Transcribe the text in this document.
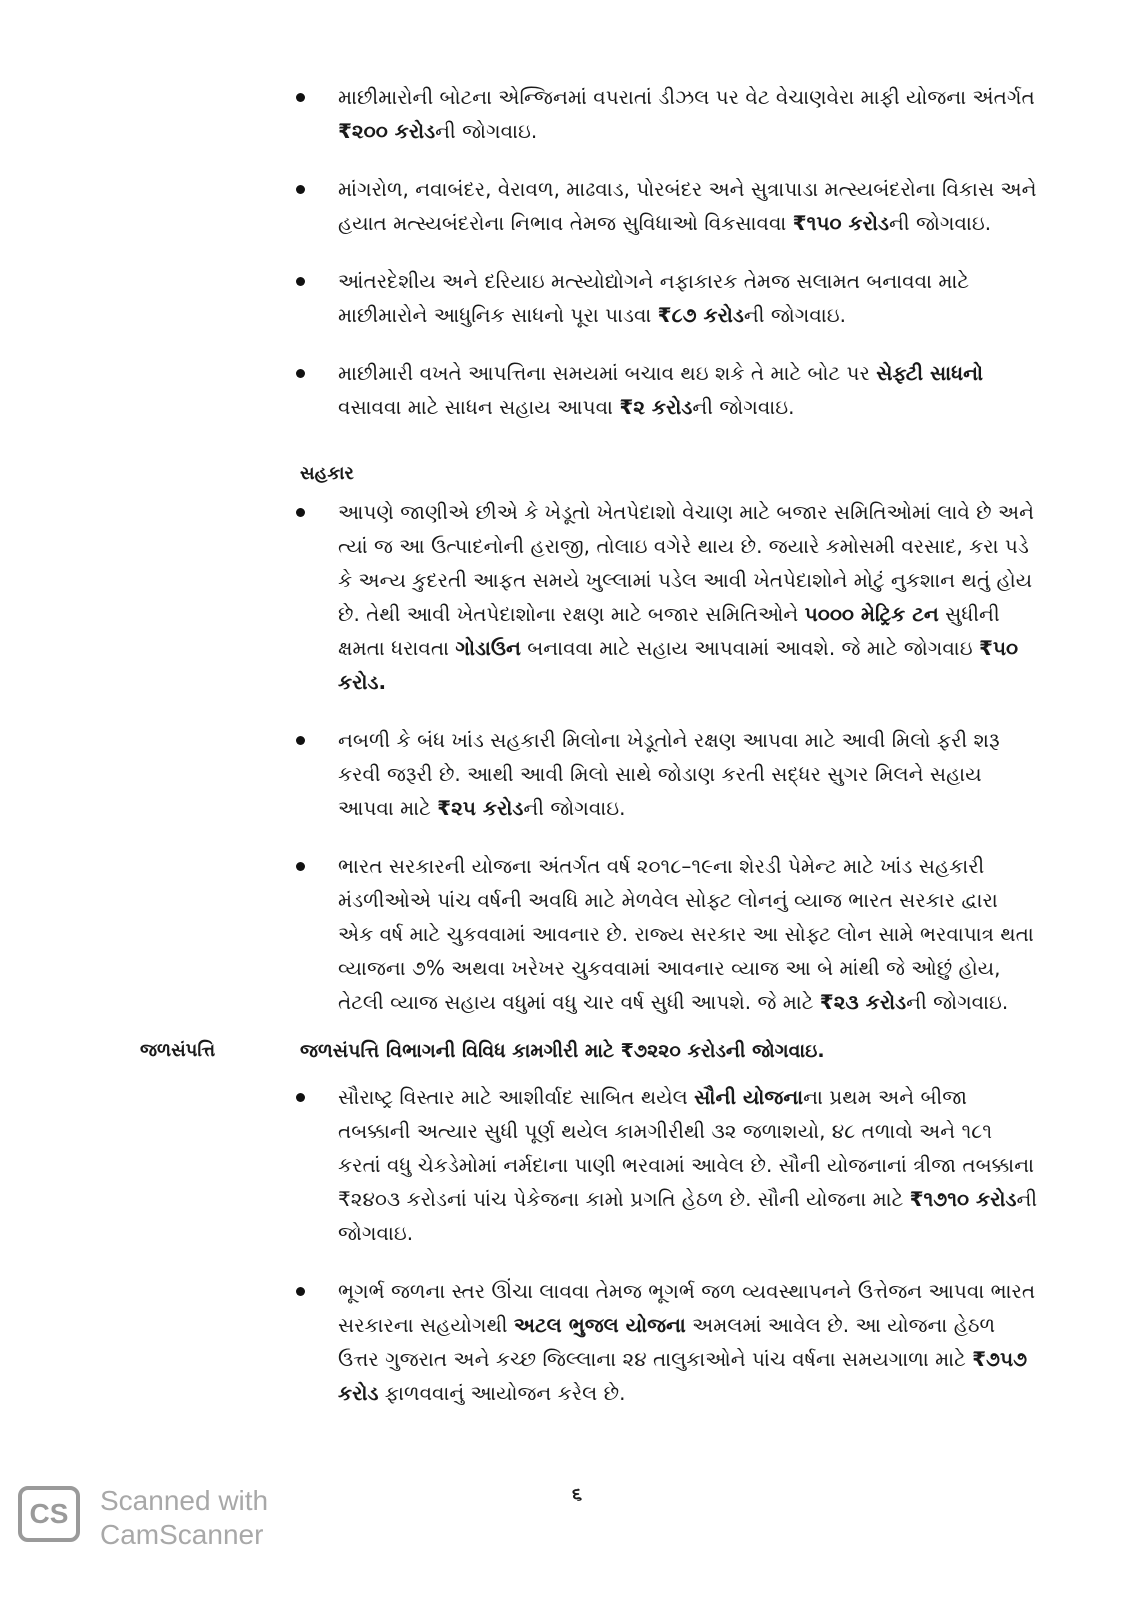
માછીમારોની બોટના એન્જિનમાં વપરાતાં ડીઝલ પર વેટ વેચાણવેરા માફી યોજના અંતર્ગત ₹૨૦૦ કરોડની જોગવાઇ.
માંગરોળ, નવાબંદર, વેરાવળ, માઢવાડ, પોરબંદર અને સુત્રાપાડા મત્સ્યબંદરોના વિકાસ અને હયાત મત્સ્યબંદરોના નિભાવ તેમજ સુવિધાઓ વિકસાવવા ₹૧૫૦ કરોડની જોગવાઇ.
આંતરદેશીય અને દરિયાઇ મત્સ્યોદ્યોગને નફાકારક તેમજ સલામત બનાવવા માટે માછીમારોને આધુનિક સાધનો પૂરા પાડવા ₹૮૭ કરોડની જોગવાઇ.
માછીમારી વખતે આપત્તિના સમયમાં બચાવ થઇ શકે તે માટે બોટ પર સેફ્ટી સાધનો વસાવવા માટે સાધન સહાય આપવા ₹૨ કરોડની જોગવાઇ.
સહકાર
આપણે જાણીએ છીએ કે ખેડૂતો ખેતપેદાશો વેચાણ માટે બજાર સમિતિઓમાં લાવે છે અને ત્યાં જ આ ઉત્પાદનોની હરાજી, તોલાઇ વગેરે થાય છે. જયારે કમોસમી વરસાદ, કરા પડે કે અન્ય કુદરતી આફત સમયે ખુલ્લામાં પડેલ આવી ખેતપેદાશોને મોટું નુકશાન થતું હોય છે. તેથી આવી ખેતપેદાશોના રક્ષણ માટે બજાર સમિતિઓને ૫૦૦૦ મેટ્રિક ટન સુધીની ક્ષમતા ધરાવતા ગોડાઉન બનાવવા માટે સહાય આપવામાં આવશે. જે માટે જોગવાઇ ₹૫૦ કરોડ.
નબળી કે બંધ ખાંડ સહકારી મિલોના ખેડૂતોને રક્ષણ આપવા માટે આવી મિલો ફરી શરૂ કરવી જરૂરી છે. આથી આવી મિલો સાથે જોડાણ કરતી સદ્ધર સુગર મિલને સહાય આપવા માટે ₹૨૫ કરોડની જોગવાઇ.
ભારત સરકારની યોજના અંતર્ગત વર્ષ ૨૦૧૮–૧૯ના શેરડી પેમેન્ટ માટે ખાંડ સહકારી મંડળીઓએ પાંચ વર્ષની અવધિ માટે મેળવેલ સોફ્ટ લોનનું વ્યાજ ભારત સરકાર દ્વારા એક વર્ષ માટે ચુકવવામાં આવનાર છે. રાજ્ય સરકાર આ સોફ્ટ લોન સામે ભરવાપાત્ર થતા વ્યાજના ૭% અથવા ખરેખર ચુકવવામાં આવનાર વ્યાજ આ બે માંથી જે ઓછું હોય, તેટલી વ્યાજ સહાય વધુમાં વધુ ચાર વર્ષ સુધી આપશે. જે માટે ₹૨૩ કરોડની જોગવાઇ.
જળસંપત્તિ	જળસંપત્તિ વિભાગની વિવિધ કામગીરી માટે ₹૭૨૨૦ કરોડની જોગવાઇ.
સૌરાષ્ટ્ર વિસ્તાર માટે આશીર્વાદ સાબિત થયેલ સૌની યોજનાના પ્રથમ અને બીજા તબક્કાની અત્યાર સુધી પૂર્ણ થયેલ કામગીરીથી ૩૨ જળાશયો, ૪૮ તળાવો અને ૧૮૧ કરતાં વધુ ચેકડેમોમાં નર્મદાના પાણી ભરવામાં આવેલ છે. સૌની યોજનાનાં ત્રીજા તબક્કાના ₹૨૪૦૩ કરોડનાં પાંચ પેકેજના કામો પ્રગતિ હેઠળ છે. સૌની યોજના માટે ₹૧૭૧૦ કરોડની જોગવાઇ.
ભૂગર્ભ જળના સ્તર ઊંચા લાવવા તેમજ ભૂગર્ભ જળ વ્યવસ્થાપનને ઉત્તેજન આપવા ભારત સરકારના સહયોગથી અટલ ભુજલ યોજના અમલમાં આવેલ છે. આ યોજના હેઠળ ઉત્તર ગુજરાત અને કચ્છ જિલ્લાના ૨૪ તાલુકાઓને પાંચ વર્ષના સમયગાળા માટે ₹૭૫૭ કરોડ ફાળવવાનું આયોજન કરેલ છે.
૬
CS	Scanned with
CamScanner
